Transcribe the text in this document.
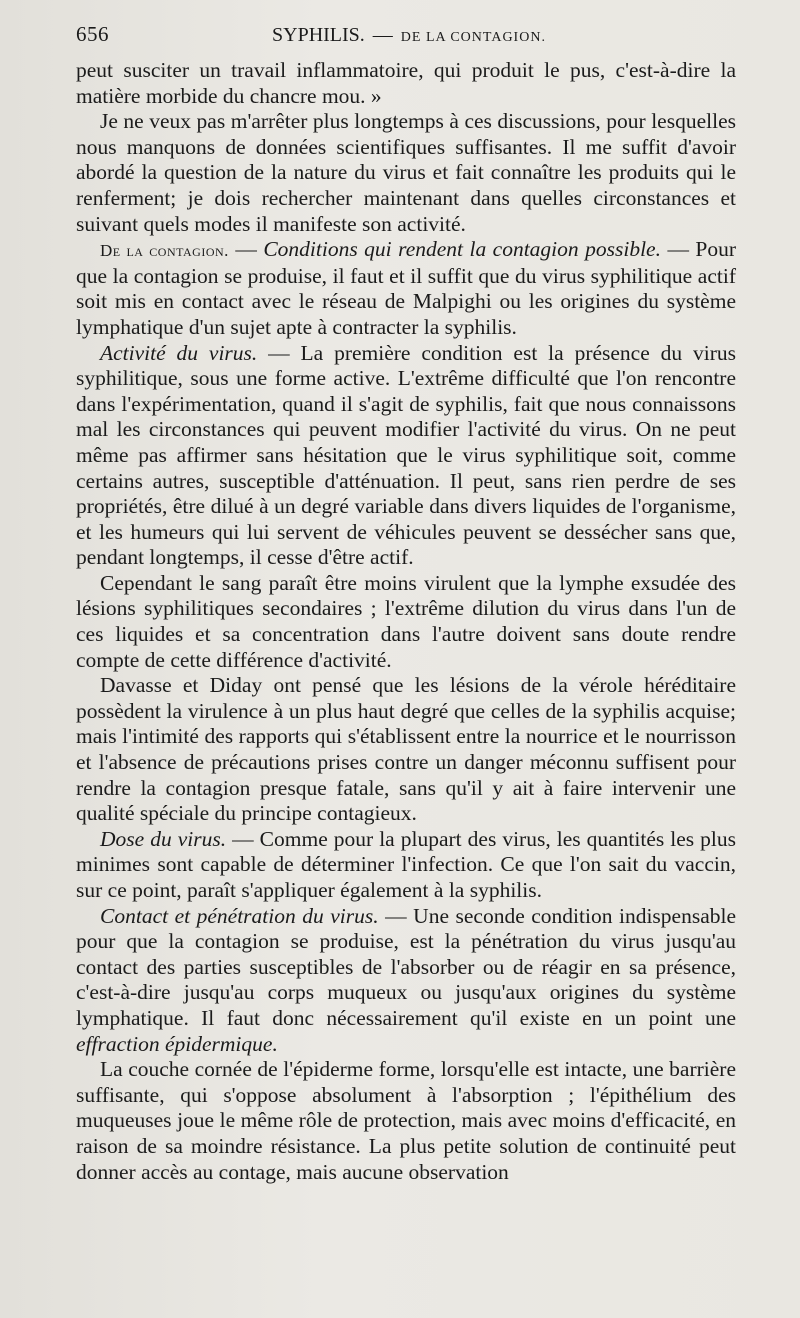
656	SYPHILIS. — DE LA CONTAGION.

peut susciter un travail inflammatoire, qui produit le pus, c'est-à-dire la matière morbide du chancre mou. »

Je ne veux pas m'arrêter plus longtemps à ces discussions, pour lesquelles nous manquons de données scientifiques suffisantes. Il me suffit d'avoir abordé la question de la nature du virus et fait connaître les produits qui le renferment; je dois rechercher maintenant dans quelles circonstances et suivant quels modes il manifeste son activité.

De la contagion. — Conditions qui rendent la contagion possible. — Pour que la contagion se produise, il faut et il suffit que du virus syphilitique actif soit mis en contact avec le réseau de Malpighi ou les origines du système lymphatique d'un sujet apte à contracter la syphilis.

Activité du virus. — La première condition est la présence du virus syphilitique, sous une forme active. L'extrême difficulté que l'on rencontre dans l'expérimentation, quand il s'agit de syphilis, fait que nous connaissons mal les circonstances qui peuvent modifier l'activité du virus. On ne peut même pas affirmer sans hésitation que le virus syphilitique soit, comme certains autres, susceptible d'atténuation. Il peut, sans rien perdre de ses propriétés, être dilué à un degré variable dans divers liquides de l'organisme, et les humeurs qui lui servent de véhicules peuvent se dessécher sans que, pendant longtemps, il cesse d'être actif.

Cependant le sang paraît être moins virulent que la lymphe exsudée des lésions syphilitiques secondaires ; l'extrême dilution du virus dans l'un de ces liquides et sa concentration dans l'autre doivent sans doute rendre compte de cette différence d'activité.

Davasse et Diday ont pensé que les lésions de la vérole héréditaire possèdent la virulence à un plus haut degré que celles de la syphilis acquise; mais l'intimité des rapports qui s'établissent entre la nourrice et le nourrisson et l'absence de précautions prises contre un danger méconnu suffisent pour rendre la contagion presque fatale, sans qu'il y ait à faire intervenir une qualité spéciale du principe contagieux.

Dose du virus. — Comme pour la plupart des virus, les quantités les plus minimes sont capable de déterminer l'infection. Ce que l'on sait du vaccin, sur ce point, paraît s'appliquer également à la syphilis.

Contact et pénétration du virus. — Une seconde condition indispensable pour que la contagion se produise, est la pénétration du virus jusqu'au contact des parties susceptibles de l'absorber ou de réagir en sa présence, c'est-à-dire jusqu'au corps muqueux ou jusqu'aux origines du système lymphatique. Il faut donc nécessairement qu'il existe en un point une effraction épidermique.

La couche cornée de l'épiderme forme, lorsqu'elle est intacte, une barrière suffisante, qui s'oppose absolument à l'absorption ; l'épithélium des muqueuses joue le même rôle de protection, mais avec moins d'efficacité, en raison de sa moindre résistance. La plus petite solution de continuité peut donner accès au contage, mais aucune observation
